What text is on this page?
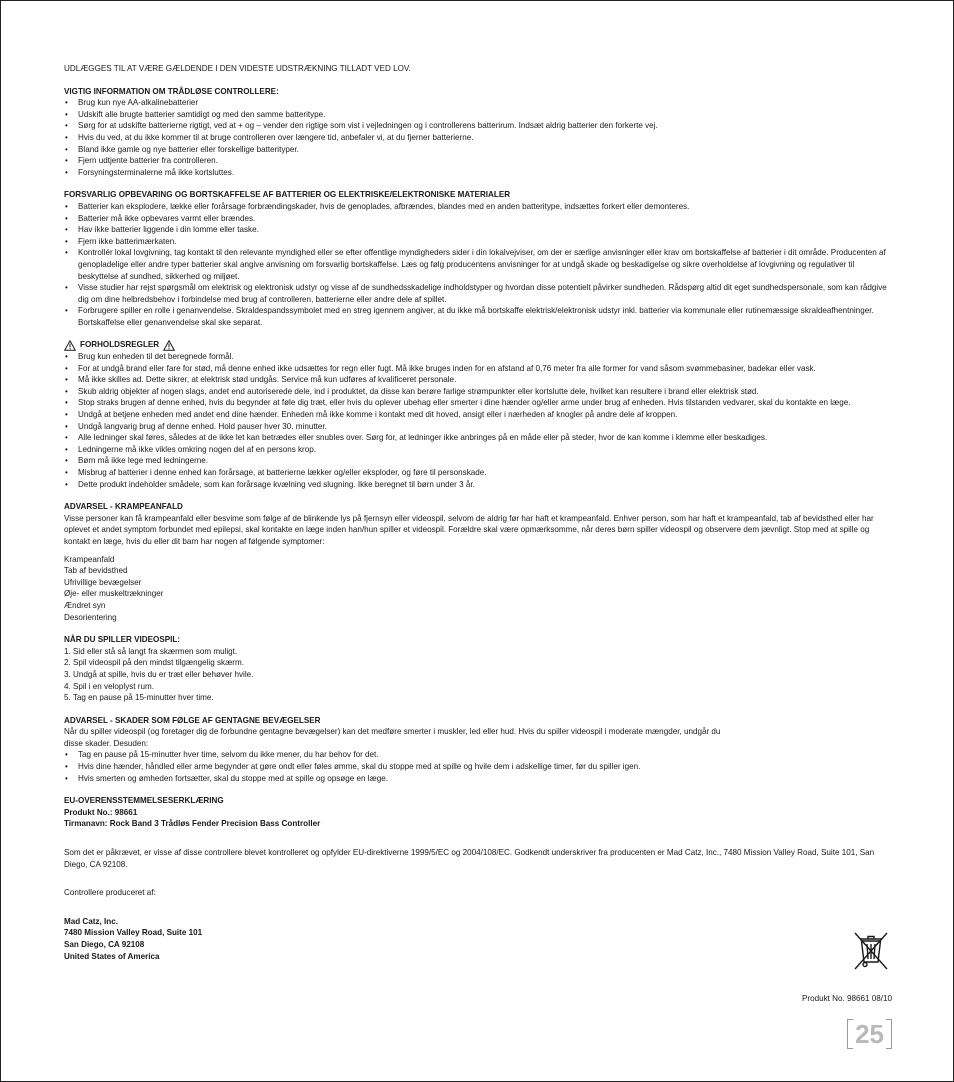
UDLÆGGES TIL AT VÆRE GÆLDENDE I DEN VIDESTE UDSTRÆKNING TILLADT VED LOV.

VIGTIG INFORMATION OM TRÅDLØSE CONTROLLERE:

• Brug kun nye AA-alkalinebatterier
• Udskift alle brugte batterier samtidigt og med den samme batteritype.
• Sørg for at udskifte batterierne rigtigt, ved at + og – vender den rigtige som vist i vejledningen og i controllerens batterirum. Indsæt aldrig batterier den forkerte vej.
• Hvis du ved, at du ikke kommer til at bruge controlleren over længere tid, anbefaler vi, at du fjerner batterierne.
• Bland ikke gamle og nye batterier eller forskellige batterityper.
• Fjern udtjente batterier fra controlleren.
• Forsyningsterminalerne må ikke kortsluttes.

FORSVARLIG OPBEVARING OG BORTSKAFFELSE AF BATTERIER OG ELEKTRISKE/ELEKTRONISKE MATERIALER

• Batterier kan eksplodere, lække eller forårsage forbrændingskader, hvis de genoplades, afbrændes, blandes med en anden batteritype, indsættes forkert eller demonteres.
• Batterier må ikke opbevares varmt eller brændes.
• Hav ikke batterier liggende i din lomme eller taske.
• Fjern ikke batterimærkaten.
• Kontrollér lokal lovgivning, tag kontakt til den relevante myndighed eller se efter offentlige myndigheders sider i din lokalvejviser, om der er særlige anvisninger eller krav om bortskaffelse af batterier i dit område. Producenten af genopladelige eller andre typer batterier skal angive anvisning om forsvarlig bortskaffelse. Læs og følg producentens anvisninger for at undgå skade og beskadigelse og sikre overholdelse af lovgivning og regulativer til beskyttelse af sundhed, sikkerhed og miljøet.
• Visse studier har rejst spørgsmål om elektrisk og elektronisk udstyr og visse af de sundhedsskadelige indholdstyper og hvordan disse potentielt påvirker sundheden. Rådspørg altid dit eget sundhedspersonale, som kan rådgive dig om dine helbredsbehov i forbindelse med brug af controlleren, batterierne eller andre dele af spillet.
• Forbrugere spiller en rolle i genanvendelse. Skraldespandssymbolet med en streg igennem angiver, at du ikke må bortskaffe elektrisk/elektronisk udstyr inkl. batterier via kommunale eller rutinemæssige skraldeafhentninger. Bortskaffelse eller genanvendelse skal ske separat.

FORHOLDSREGLER

• Brug kun enheden til det beregnede formål.
• For at undgå brand eller fare for stød, må denne enhed ikke udsættes for regn eller fugt. Må ikke bruges inden for en afstand af 0,76 meter fra alle former for vand såsom svømmebasiner, badekar eller vask.
• Må ikke skilles ad. Dette sikrer, at elektrisk stød undgås. Service må kun udføres af kvalificeret personale.
• Skub aldrig objekter af nogen slags, andet end autoriserede dele, ind i produktet, da disse kan berøre farlige strømpunkter eller kortslutte dele, hvilket kan resultere i brand eller elektrisk stød.
• Stop straks brugen af denne enhed, hvis du begynder at føle dig træt, eller hvis du oplever ubehag eller smerter i dine hænder og/eller arme under brug af enheden. Hvis tilstanden vedvarer, skal du kontakte en læge.
• Undgå at betjene enheden med andet end dine hænder. Enheden må ikke komme i kontakt med dit hoved, ansigt eller i nærheden af knogler på andre dele af kroppen.
• Undgå langvarig brug af denne enhed. Hold pauser hver 30. minutter.
• Alle ledninger skal føres, således at de ikke let kan betrædes eller snubles over. Sørg for, at ledninger ikke anbringes på en måde eller på steder, hvor de kan komme i klemme eller beskadiges.
• Ledningerne må ikke vikles omkring nogen del af en persons krop.
• Børn må ikke lege med ledningerne.
• Misbrug af batterier i denne enhed kan forårsage, at batterierne lækker og/eller eksploder, og føre til personskade.
• Dette produkt indeholder smådele, som kan forårsage kvælning ved slugning. Ikke beregnet til børn under 3 år.

ADVARSEL - KRAMPEANFALD

Visse personer kan få krampeanfald eller besvime som følge af de blinkende lys på fjernsyn eller videospil, selvom de aldrig før har haft et krampeanfald. Enhver person, som har haft et krampeanfald, tab af bevidsthed eller har oplevet et andet symptom forbundet med epilepsi, skal kontakte en læge inden han/hun spiller et videospil. Forældre skal være opmærksomme, når deres børn spiller videospil og observere dem jævnligt. Stop med at spille og kontakt en læge, hvis du eller dit barn har nogen af følgende symptomer:

Krampeanfald

Tab af bevidsthed

Ufrivillige bevægelser

Øje- eller muskeltrækninger

Ændret syn

Desorientering

NÅR DU SPILLER VIDEOSPIL:

1. Sid eller stå så langt fra skærmen som muligt.

2. Spil videospil på den mindst tilgængelig skærm.

3. Undgå at spille, hvis du er træt eller behøver hvile.

4. Spil i en veloplyst rum.

5. Tag en pause på 15-minutter hver time.

ADVARSEL - SKADER SOM FØLGE AF GENTAGNE BEVÆGELSER

Når du spiller videospil (og foretager dig de forbundne gentagne bevægelser) kan det medføre smerter i muskler, led eller hud. Hvis du spiller videospil i moderate mængder, undgår du

disse skader. Desuden:

• Tag en pause på 15-minutter hver time, selvom du ikke mener, du har behov for det.
• Hvis dine hænder, håndled eller arme begynder at gøre ondt eller føles ømme, skal du stoppe med at spille og hvile dem i adskellige timer, før du spiller igen.
• Hvis smerten og ømheden fortsætter, skal du stoppe med at spille og opsøge en læge.

EU-OVERENSSTEMMELSESERKLÆRING

Produkt No.: 98661

Tirmanavn: Rock Band 3 Trådløs Fender Precision Bass Controller

Som det er påkrævet, er visse af disse controllere blevet kontrolleret og opfylder EU-direktiverne 1999/5/EC og 2004/108/EC. Godkendt underskriver fra producenten er Mad Catz, Inc., 7480 Mission Valley Road, Suite 101, San Diego, CA 92108.

Controllere produceret af:

Mad Catz, Inc.

7480 Mission Valley Road, Suite 101

San Diego, CA 92108

United States of America

Produkt No. 98661 08/10
25
